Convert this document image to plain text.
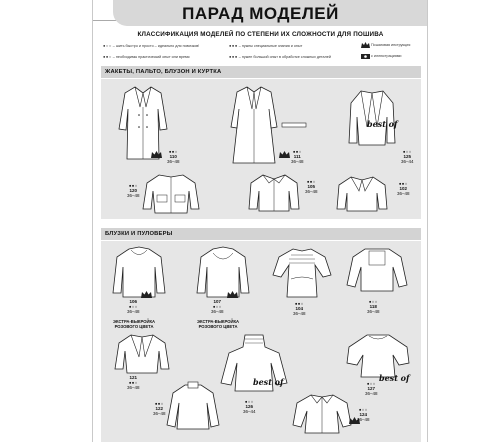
ПАРАД МОДЕЛЕЙ
КЛАССИФИКАЦИЯ МОДЕЛЕЙ ПО СТЕПЕНИ ИХ СЛОЖНОСТИ ДЛЯ ПОШИВА
●○○ – шить быстро и просто – идеально для новичков!
●●○ – необходимы практический опыт или время
●●● – нужны специальные знания и опыт
●●● – нужен большой опыт в обработке сложных деталей
Пошаговая инструкция
с иллюстрациями
ЖАКЕТЫ, ПАЛЬТО, БЛУЗОН И КУРТКА
●●○
110
36–48
●●○
111
36–48
best of
●○○
125
36–44
●●○
120
36–48
●●○
105
36–48
●●○
102
36–48
БЛУЗКИ И ПУЛОВЕРЫ
106
●○○
36–48
ЭКСТРА-ВЫКРОЙКА
РОЗОВОГО ЦВЕТА
107
●○○
36–48
ЭКСТРА-ВЫКРОЙКА
РОЗОВОГО ЦВЕТА
●●○
104
36–48
●○○
118
36–48
121
●●○
36–48
best of
●○○
126
36–44
best of
●○○
127
36–48
●●○
122
36–48
●○○
124
36–48
